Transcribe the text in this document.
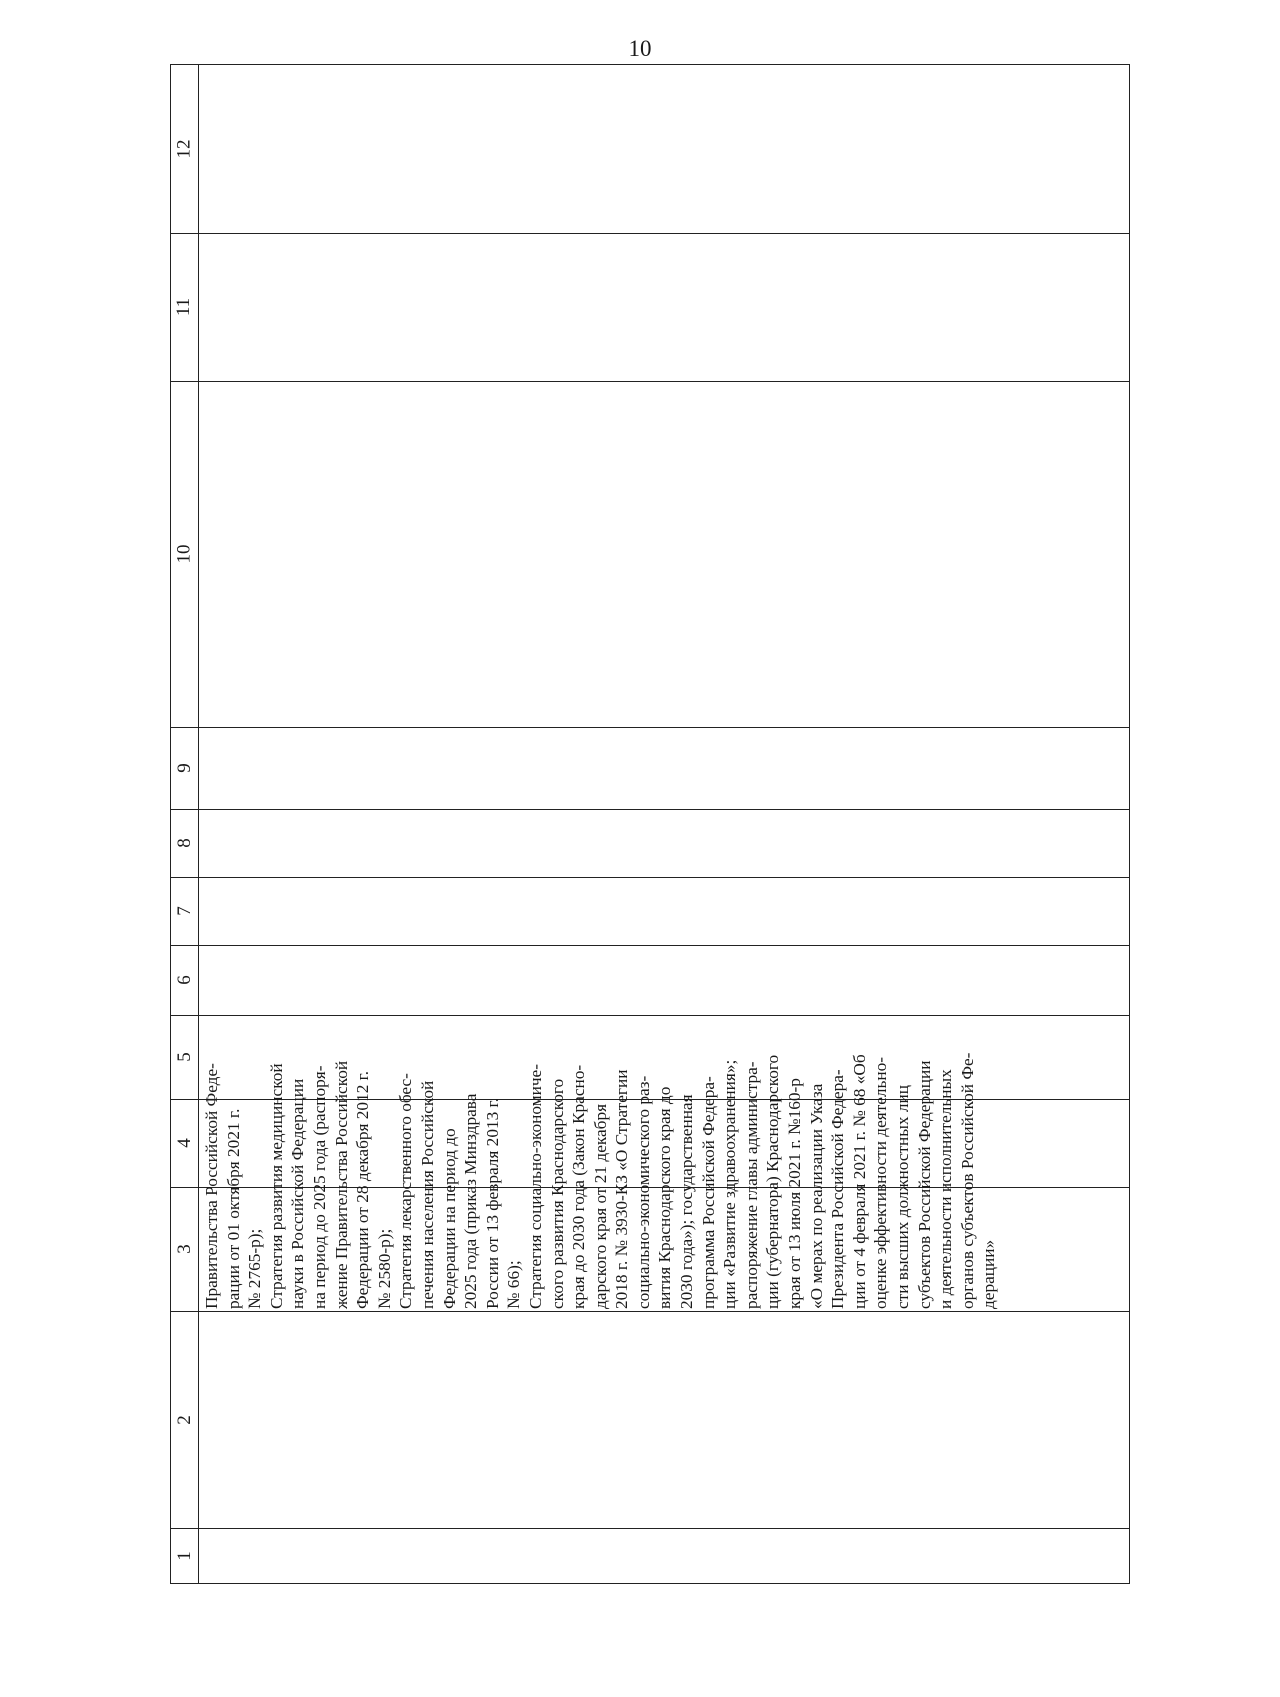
10
12
11
10
9
8
7
6
5
4
3
2
1
Правительства Российской Феде- рации от 01 октября 2021 г. № 2765-р); Стратегия развития медицинской науки в Российской Федерации на период до 2025 года (распоря- жение Правительства Российской Федерации от 28 декабря 2012 г. № 2580-р); Стратегия лекарственного обес- печения населения Российской Федерации на период до 2025 года (приказ Минздрава России от 13 февраля 2013 г. № 66); Стратегия социально-экономиче- ского развития Краснодарского края до 2030 года (Закон Красно- дарского края от 21 декабря 2018 г. № 3930-КЗ «О Стратегии социально-экономического раз- вития Краснодарского края до 2030 года»); государственная программа Российской Федера- ции «Развитие здравоохранения»; распоряжение главы администра- ции (губернатора) Краснодарского края от 13 июля 2021 г. №160-р «О мерах по реализации Указа Президента Российской Федера- ции от 4 февраля 2021 г. № 68 «Об оценке эффективности деятельно- сти высших должностных лиц субъектов Российской Федерации и деятельности исполнительных органов субъектов Российской Фе- дерации»
